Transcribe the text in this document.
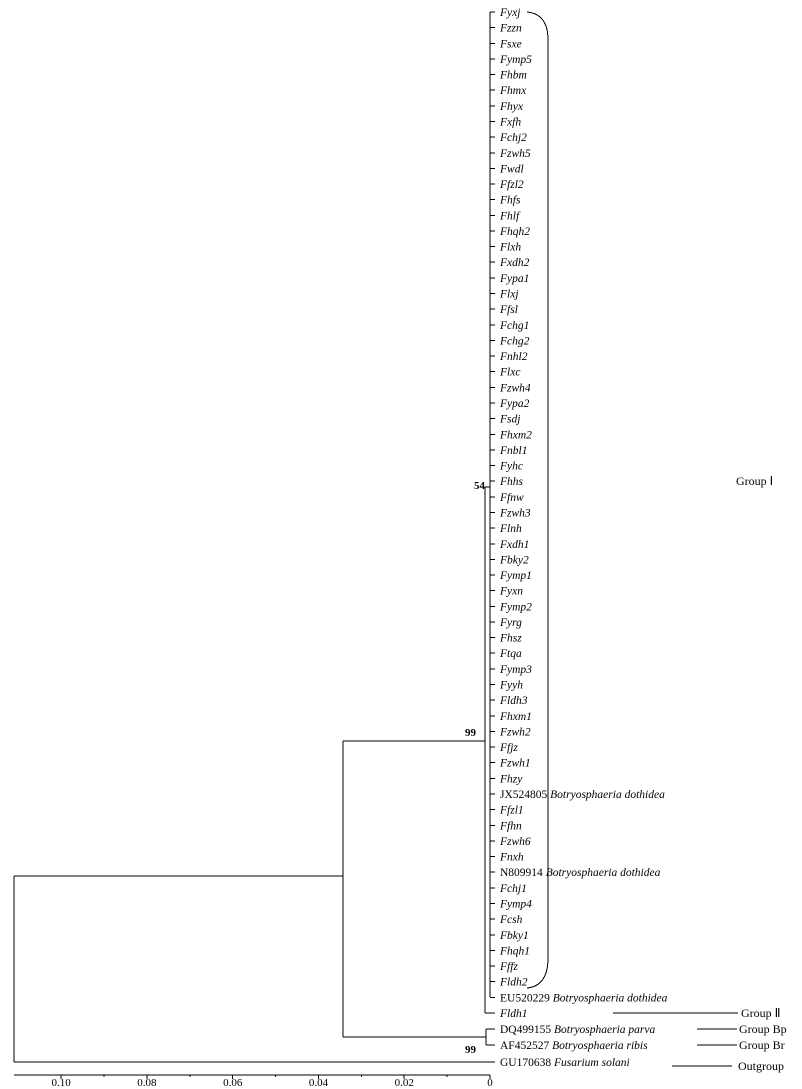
Fyxj
Fzzn
Fsxe
Fymp5
Fhbm
Fhmx
Fhyx
Fxfh
Fchj2
Fzwh5
Fwdl
Ffzl2
Fhfs
Fhlf
Fhqh2
Flxh
Fxdh2
Fypa1
Flxj
Ffsl
Fchg1
Fchg2
Fnhl2
Flxc
Fzwh4
Fypa2
Fsdj
Fhxm2
Fnbl1
Fyhc
Fhhs
Ffnw
Fzwh3
Flnh
Fxdh1
Fbky2
Fymp1
Fyxn
Fymp2
Fyrg
Fhsz
Ftqa
Fymp3
Fyyh
Fldh3
Fhxm1
Fzwh2
Ffjz
Fzwh1
Fhzy
JX524805 Botryosphaeria dothidea
Ffzl1
Ffhn
Fzwh6
Fnxh
N809914 Botryosphaeria dothidea
Fchj1
Fymp4
Fcsh
Fbky1
Fhqh1
Fffz
Fldh2
EU520229 Botryosphaeria dothidea
Fldh1
DQ499155 Botryosphaeria parva
AF452527 Botryosphaeria ribis
GU170638 Fusarium solani
54
99
99
Group Ⅰ
Group Ⅱ
Group Bp
Group Br
Outgroup
0.10	0.08	0.06	0.04	0.02	0
